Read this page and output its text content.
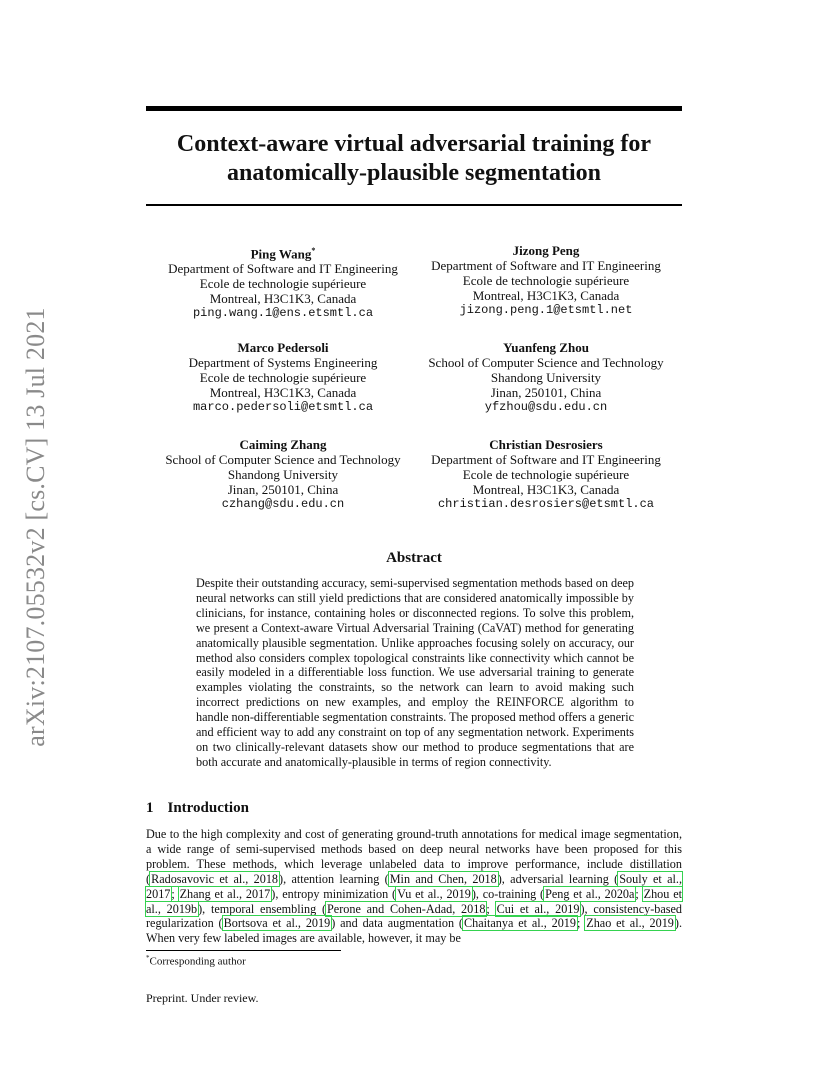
arXiv:2107.05532v2 [cs.CV] 13 Jul 2021
Context-aware virtual adversarial training for
anatomically-plausible segmentation
Ping Wang*
Department of Software and IT Engineering
Ecole de technologie supérieure
Montreal, H3C1K3, Canada
ping.wang.1@ens.etsmtl.ca
Jizong Peng
Department of Software and IT Engineering
Ecole de technologie supérieure
Montreal, H3C1K3, Canada
jizong.peng.1@etsmtl.net
Marco Pedersoli
Department of Systems Engineering
Ecole de technologie supérieure
Montreal, H3C1K3, Canada
marco.pedersoli@etsmtl.ca
Yuanfeng Zhou
School of Computer Science and Technology
Shandong University
Jinan, 250101, China
yfzhou@sdu.edu.cn
Caiming Zhang
School of Computer Science and Technology
Shandong University
Jinan, 250101, China
czhang@sdu.edu.cn
Christian Desrosiers
Department of Software and IT Engineering
Ecole de technologie supérieure
Montreal, H3C1K3, Canada
christian.desrosiers@etsmtl.ca
Abstract
Despite their outstanding accuracy, semi-supervised segmentation methods based on deep neural networks can still yield predictions that are considered anatomically impossible by clinicians, for instance, containing holes or disconnected regions. To solve this problem, we present a Context-aware Virtual Adversarial Training (CaVAT) method for generating anatomically plausible segmentation. Unlike approaches focusing solely on accuracy, our method also considers complex topological constraints like connectivity which cannot be easily modeled in a differentiable loss function. We use adversarial training to generate examples violating the constraints, so the network can learn to avoid making such incorrect predictions on new examples, and employ the REINFORCE algorithm to handle non-differentiable segmentation constraints. The proposed method offers a generic and efficient way to add any constraint on top of any segmentation network. Experiments on two clinically-relevant datasets show our method to produce segmentations that are both accurate and anatomically-plausible in terms of region connectivity.
1 Introduction
Due to the high complexity and cost of generating ground-truth annotations for medical image segmentation, a wide range of semi-supervised methods based on deep neural networks have been proposed for this problem. These methods, which leverage unlabeled data to improve performance, include distillation (Radosavovic et al., 2018), attention learning (Min and Chen, 2018), adversarial learning (Souly et al., 2017; Zhang et al., 2017), entropy minimization (Vu et al., 2019), co-training (Peng et al., 2020a; Zhou et al., 2019b), temporal ensembling (Perone and Cohen-Adad, 2018; Cui et al., 2019), consistency-based regularization (Bortsova et al., 2019) and data augmentation (Chaitanya et al., 2019; Zhao et al., 2019). When very few labeled images are available, however, it may be
*Corresponding author
Preprint. Under review.
